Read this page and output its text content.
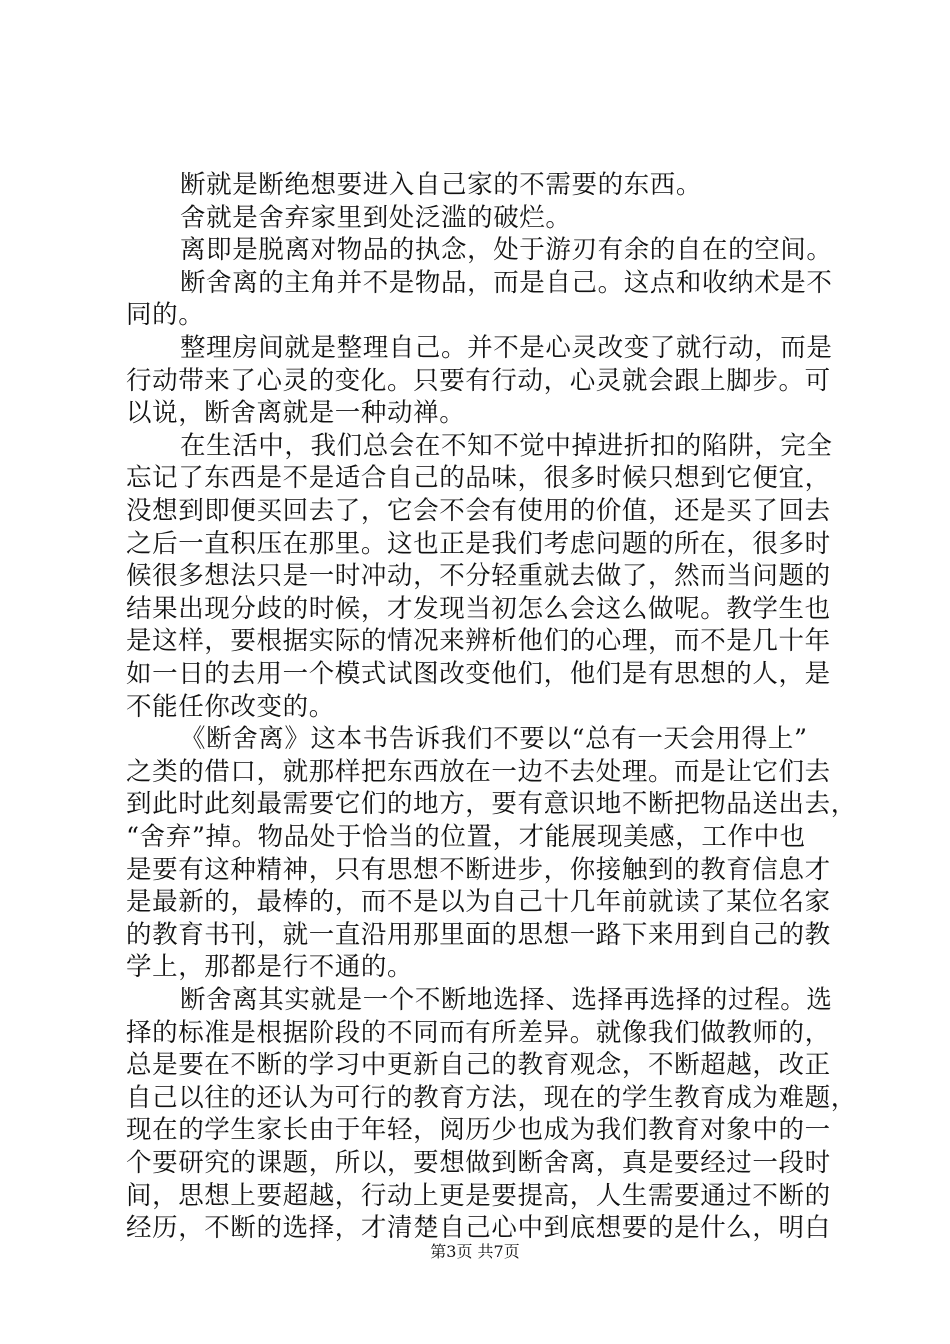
断就是断绝想要进入自己家的不需要的东西。
舍就是舍弃家里到处泛滥的破烂。
离即是脱离对物品的执念，处于游刃有余的自在的空间。
断舍离的主角并不是物品，而是自己。这点和收纳术是不
同的。
整理房间就是整理自己。并不是心灵改变了就行动，而是
行动带来了心灵的变化。只要有行动，心灵就会跟上脚步。可
以说，断舍离就是一种动禅。
在生活中，我们总会在不知不觉中掉进折扣的陷阱，完全
忘记了东西是不是适合自己的品味，很多时候只想到它便宜，
没想到即便买回去了，它会不会有使用的价值，还是买了回去
之后一直积压在那里。这也正是我们考虑问题的所在，很多时
候很多想法只是一时冲动，不分轻重就去做了，然而当问题的
结果出现分歧的时候，才发现当初怎么会这么做呢。教学生也
是这样，要根据实际的情况来辨析他们的心理，而不是几十年
如一日的去用一个模式试图改变他们，他们是有思想的人，是
不能任你改变的。
《断舍离》这本书告诉我们不要以“总有一天会用得上”
之类的借口，就那样把东西放在一边不去处理。而是让它们去
到此时此刻最需要它们的地方，要有意识地不断把物品送出去，
“舍弃”掉。物品处于恰当的位置，才能展现美感，工作中也
是要有这种精神，只有思想不断进步，你接触到的教育信息才
是最新的，最棒的，而不是以为自己十几年前就读了某位名家
的教育书刊，就一直沿用那里面的思想一路下来用到自己的教
学上，那都是行不通的。
断舍离其实就是一个不断地选择、选择再选择的过程。选
择的标准是根据阶段的不同而有所差异。就像我们做教师的，
总是要在不断的学习中更新自己的教育观念，不断超越，改正
自己以往的还认为可行的教育方法，现在的学生教育成为难题，
现在的学生家长由于年轻，阅历少也成为我们教育对象中的一
个要研究的课题，所以，要想做到断舍离，真是要经过一段时
间，思想上要超越，行动上更是要提高，人生需要通过不断的
经历，不断的选择，才清楚自己心中到底想要的是什么，明白
第3页 共7页
